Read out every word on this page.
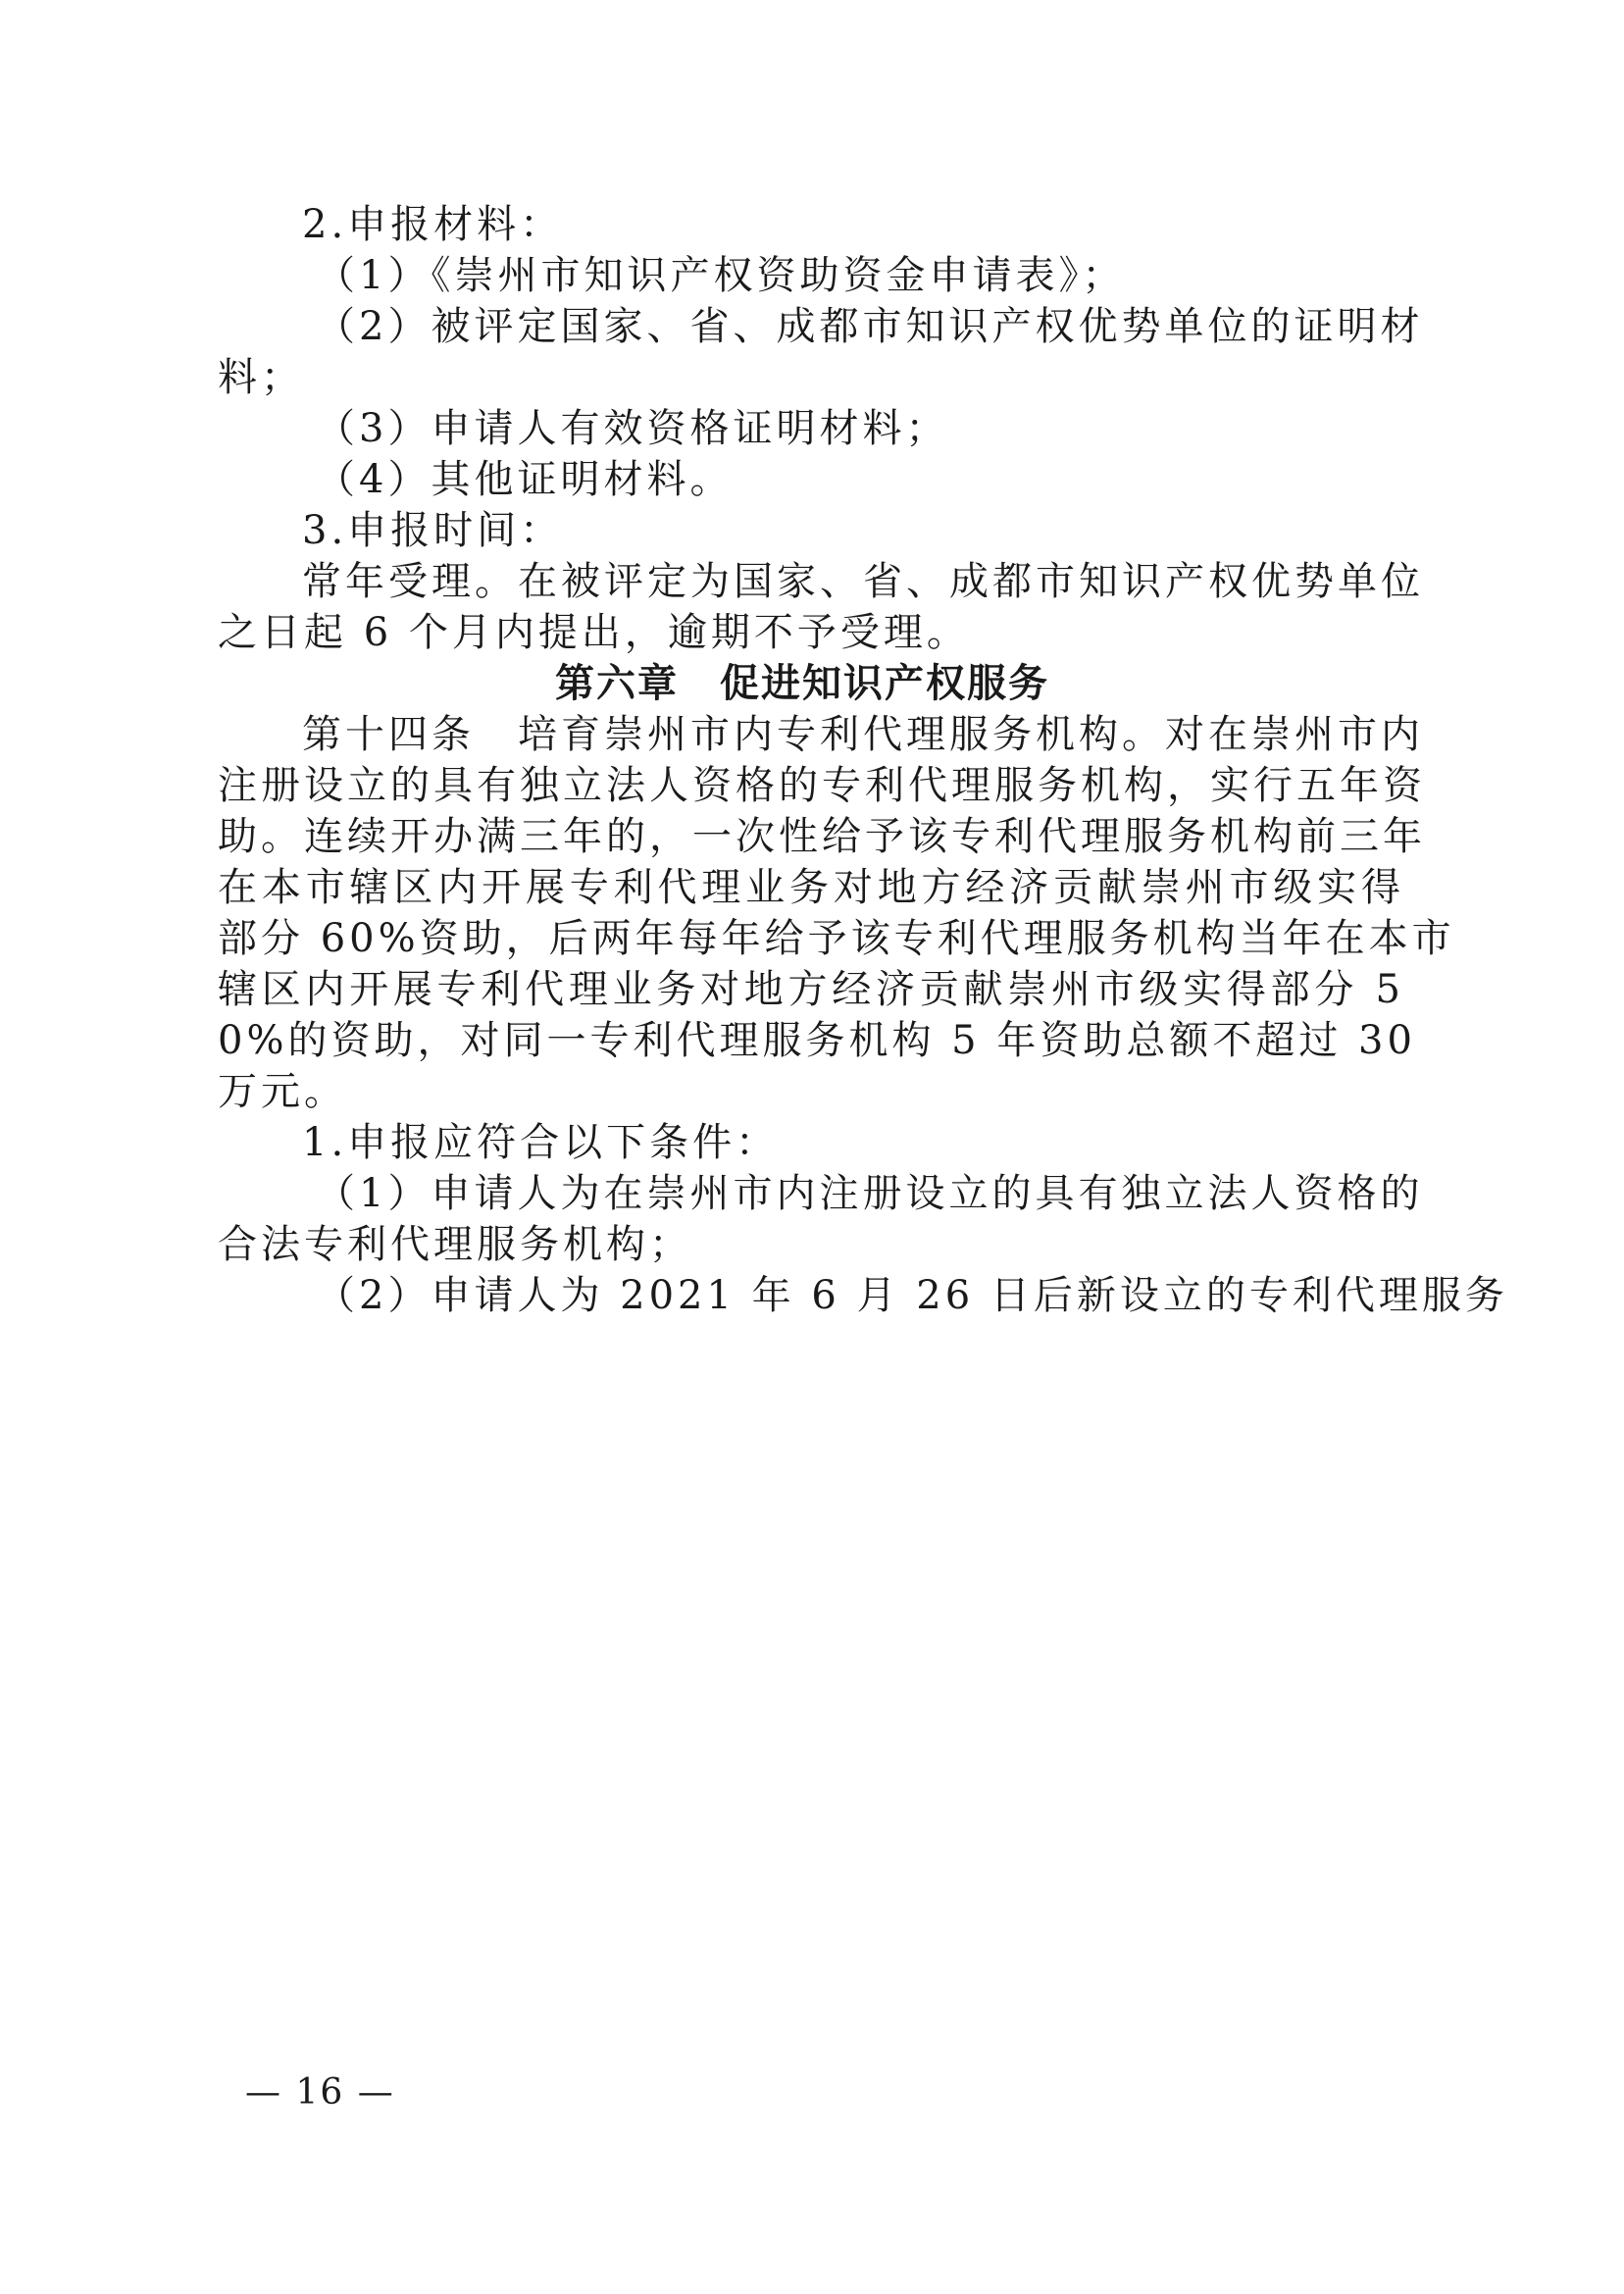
2.申报材料：
（1）《崇州市知识产权资助资金申请表》；
（2）被评定国家、省、成都市知识产权优势单位的证明材
料；
（3）申请人有效资格证明材料；
（4）其他证明材料。
3.申报时间：
常年受理。在被评定为国家、省、成都市知识产权优势单位
之日起 6 个月内提出，逾期不予受理。
第六章　促进知识产权服务
第十四条　培育崇州市内专利代理服务机构。对在崇州市内
注册设立的具有独立法人资格的专利代理服务机构，实行五年资
助。连续开办满三年的，一次性给予该专利代理服务机构前三年
在本市辖区内开展专利代理业务对地方经济贡献崇州市级实得
部分 60%资助，后两年每年给予该专利代理服务机构当年在本市
辖区内开展专利代理业务对地方经济贡献崇州市级实得部分 5
0%的资助，对同一专利代理服务机构 5 年资助总额不超过 30
万元。
1.申报应符合以下条件：
（1）申请人为在崇州市内注册设立的具有独立法人资格的
合法专利代理服务机构；
（2）申请人为 2021 年 6 月 26 日后新设立的专利代理服务
— 16 —
